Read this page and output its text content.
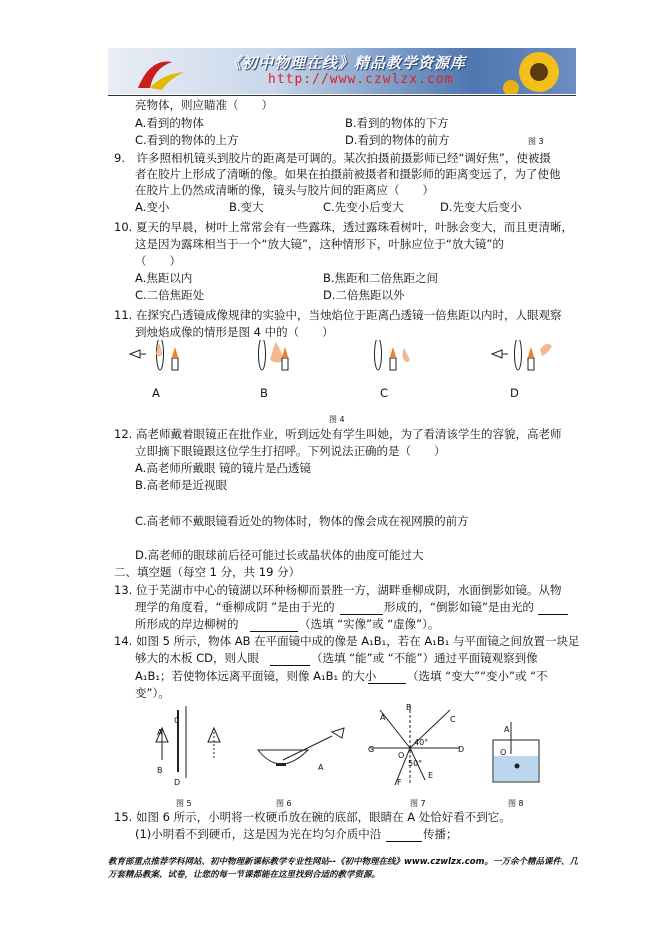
《初中物理在线》精品教学资源库
http://www.czwlzx.com
亮物体，则应瞄准（　　）
A.看到的物体	B.看到的物体的下方
C.看到的物体的上方	D.看到的物体的前方	图 3
9.　许多照相机镜头到胶片的距离是可调的。某次拍摄前摄影师已经“调好焦”，使被摄
者在胶片上形成了清晰的像。如果在拍摄前被摄者和摄影师的距离变远了，为了使他
在胶片上仍然成清晰的像，镜头与胶片间的距离应（　　）
A.变小	B.变大	C.先变小后变大	D.先变大后变小
10. 夏天的早晨，树叶上常常会有一些露珠，透过露珠看树叶，叶脉会变大，而且更清晰，
这是因为露珠相当于一个“放大镜”，这种情形下，叶脉应位于“放大镜”的
（　　）
A.焦距以内	B.焦距和二倍焦距之间
C.二倍焦距处	D.二倍焦距以外
11. 在探究凸透镜成像规律的实验中，当烛焰位于距离凸透镜一倍焦距以内时，人眼观察
到烛焰成像的情形是图 4 中的（　　）
A	B	C	D
图 4
12. 高老师戴着眼镜正在批作业，听到远处有学生叫她，为了看清该学生的容貌，高老师
立即摘下眼镜跟这位学生打招呼。下列说法正确的是（　　）
A.高老师所戴眼 镜的镜片是凸透镜
B.高老师是近视眼
C.高老师不戴眼镜看近处的物体时，物体的像会成在视网膜的前方
D.高老师的眼球前后径可能过长或晶状体的曲度可能过大
二、填空题（每空 1 分，共 19 分）
13. 位于芜湖市中心的镜湖以环种杨柳而景胜一方，湖畔垂柳成阴，水面倒影如镜。从物
理学的角度看，“垂柳成阴 ”是由于光的	形成的，“倒影如镜”是由光的
所形成的岸边柳树的	（选填 “实像”或 “虚像”）。
14. 如图 5 所示，物体 AB 在平面镜中成的像是 A₁B₁，若在 A₁B₁ 与平面镜之间放置一块足
够大的木板 CD，则人眼	（选填 “能”或 “不能”）通过平面镜观察到像
A₁B₁；若使物体远离平面镜，则像 A₁B₁ 的大小	（选填 “变大”“变小”或 “不
变”）。
A
B
C
D
A
A
B
C
D
E
F
G
O
40°
50°
A
O
图 5	图 6	图 7	图 8
15. 如图 6 所示，小明将一枚硬币放在碗的底部，眼睛在 A 处恰好看不到它。
(1)小明看不到硬币，这是因为光在均匀介质中沿	传播；
教育部重点推荐学科网站、初中物理新课标教学专业性网站--《初中物理在线》www.czwlzx.com。一万余个精品课件、几万套精品教案、试卷，让您的每一节课都能在这里找到合适的教学资源。
